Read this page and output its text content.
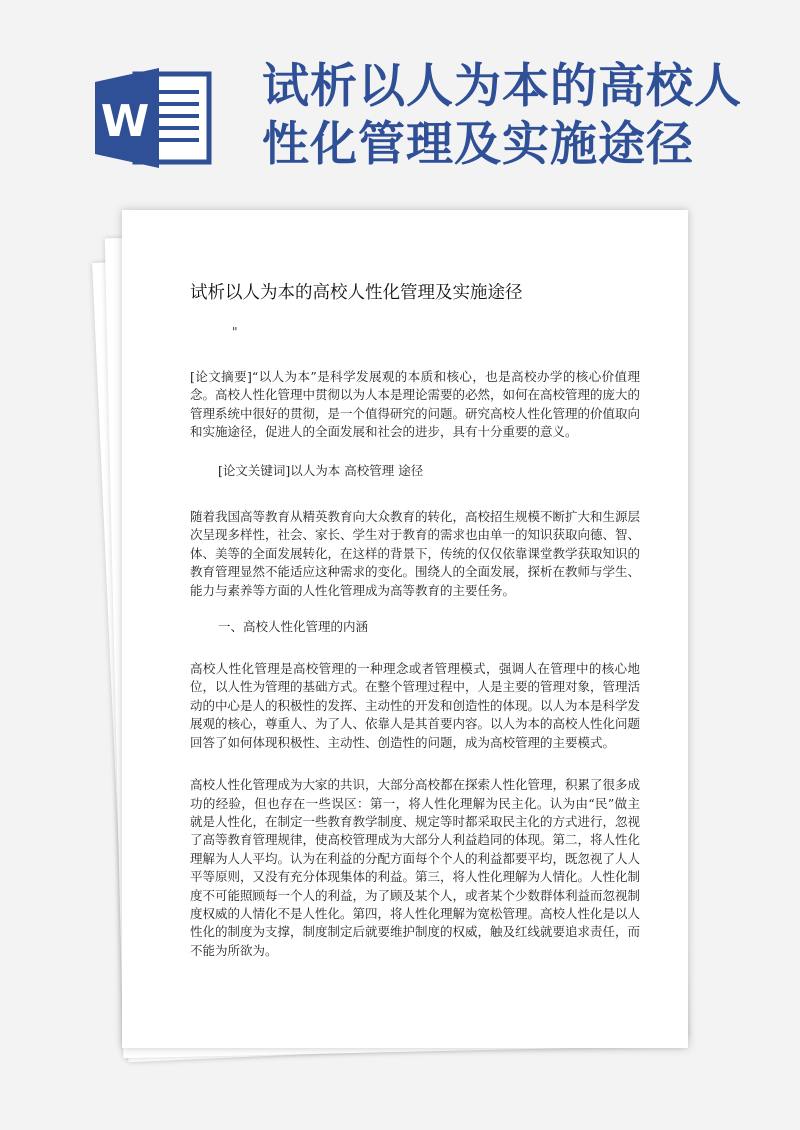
W
试析以人为本的高校人性化管理及实施途径
试析以人为本的高校人性化管理及实施途径
"

[论文摘要]“以人为本”是科学发展观的本质和核心，也是高校办学的核心价值理念。高校人性化管理中贯彻以为人本是理论需要的必然，如何在高校管理的庞大的管理系统中很好的贯彻，是一个值得研究的问题。研究高校人性化管理的价值取向和实施途径，促进人的全面发展和社会的进步，具有十分重要的意义。

[论文关键词]以人为本 高校管理 途径

随着我国高等教育从精英教育向大众教育的转化，高校招生规模不断扩大和生源层次呈现多样性，社会、家长、学生对于教育的需求也由单一的知识获取向德、智、体、美等的全面发展转化，在这样的背景下，传统的仅仅依靠课堂教学获取知识的教育管理显然不能适应这种需求的变化。围绕人的全面发展，探析在教师与学生、能力与素养等方面的人性化管理成为高等教育的主要任务。

一、高校人性化管理的内涵

高校人性化管理是高校管理的一种理念或者管理模式，强调人在管理中的核心地位，以人性为管理的基础方式。在整个管理过程中，人是主要的管理对象，管理活动的中心是人的积极性的发挥、主动性的开发和创造性的体现。以人为本是科学发展观的核心，尊重人、为了人、依靠人是其首要内容。以人为本的高校人性化问题回答了如何体现积极性、主动性、创造性的问题，成为高校管理的主要模式。

高校人性化管理成为大家的共识，大部分高校都在探索人性化管理，积累了很多成功的经验，但也存在一些误区：第一，将人性化理解为民主化。认为由“民”做主就是人性化，在制定一些教育教学制度、规定等时都采取民主化的方式进行，忽视了高等教育管理规律，使高校管理成为大部分人利益趋同的体现。第二，将人性化理解为人人平均。认为在利益的分配方面每个个人的利益都要平均，既忽视了人人平等原则，又没有充分体现集体的利益。第三，将人性化理解为人情化。人性化制度不可能照顾每一个人的利益，为了顾及某个人，或者某个少数群体利益而忽视制度权威的人情化不是人性化。第四，将人性化理解为宽松管理。高校人性化是以人性化的制度为支撑，制度制定后就要维护制度的权威，触及红线就要追求责任，而不能为所欲为。
